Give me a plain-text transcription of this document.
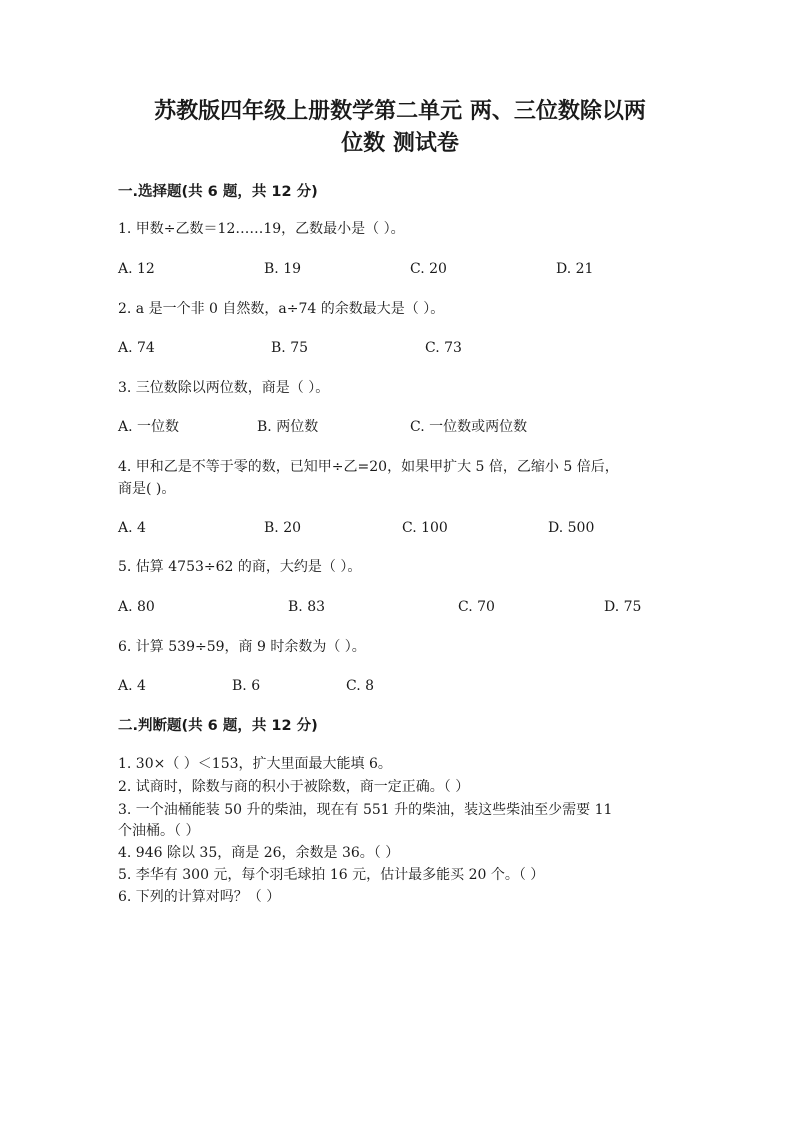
苏教版四年级上册数学第二单元 两、三位数除以两
位数 测试卷
一.选择题(共 6 题，共 12 分)

1. 甲数÷乙数＝12……19，乙数最小是（ ）。

A. 12	B. 19	C. 20	D. 21

2. a 是一个非 0 自然数，a÷74 的余数最大是（ ）。

A. 74	B. 75	C. 73

3. 三位数除以两位数，商是（ ）。

A. 一位数	B. 两位数	C. 一位数或两位数

4. 甲和乙是不等于零的数，已知甲÷乙=20，如果甲扩大 5 倍，乙缩小 5 倍后，

商是( )。

A. 4	B. 20	C. 100	D. 500

5. 估算 4753÷62 的商，大约是（ ）。

A. 80	B. 83	C. 70	D. 75

6. 计算 539÷59，商 9 时余数为（ ）。

A. 4	B. 6	C. 8
二.判断题(共 6 题，共 12 分)

1. 30×（ ）＜153，扩大里面最大能填 6。

2. 试商时，除数与商的积小于被除数，商一定正确。（ ）

3. 一个油桶能装 50 升的柴油，现在有 551 升的柴油，装这些柴油至少需要 11

个油桶。（ ）

4. 946 除以 35，商是 26，余数是 36。（ ）

5. 李华有 300 元，每个羽毛球拍 16 元，估计最多能买 20 个。（ ）

6. 下列的计算对吗？（ ）
